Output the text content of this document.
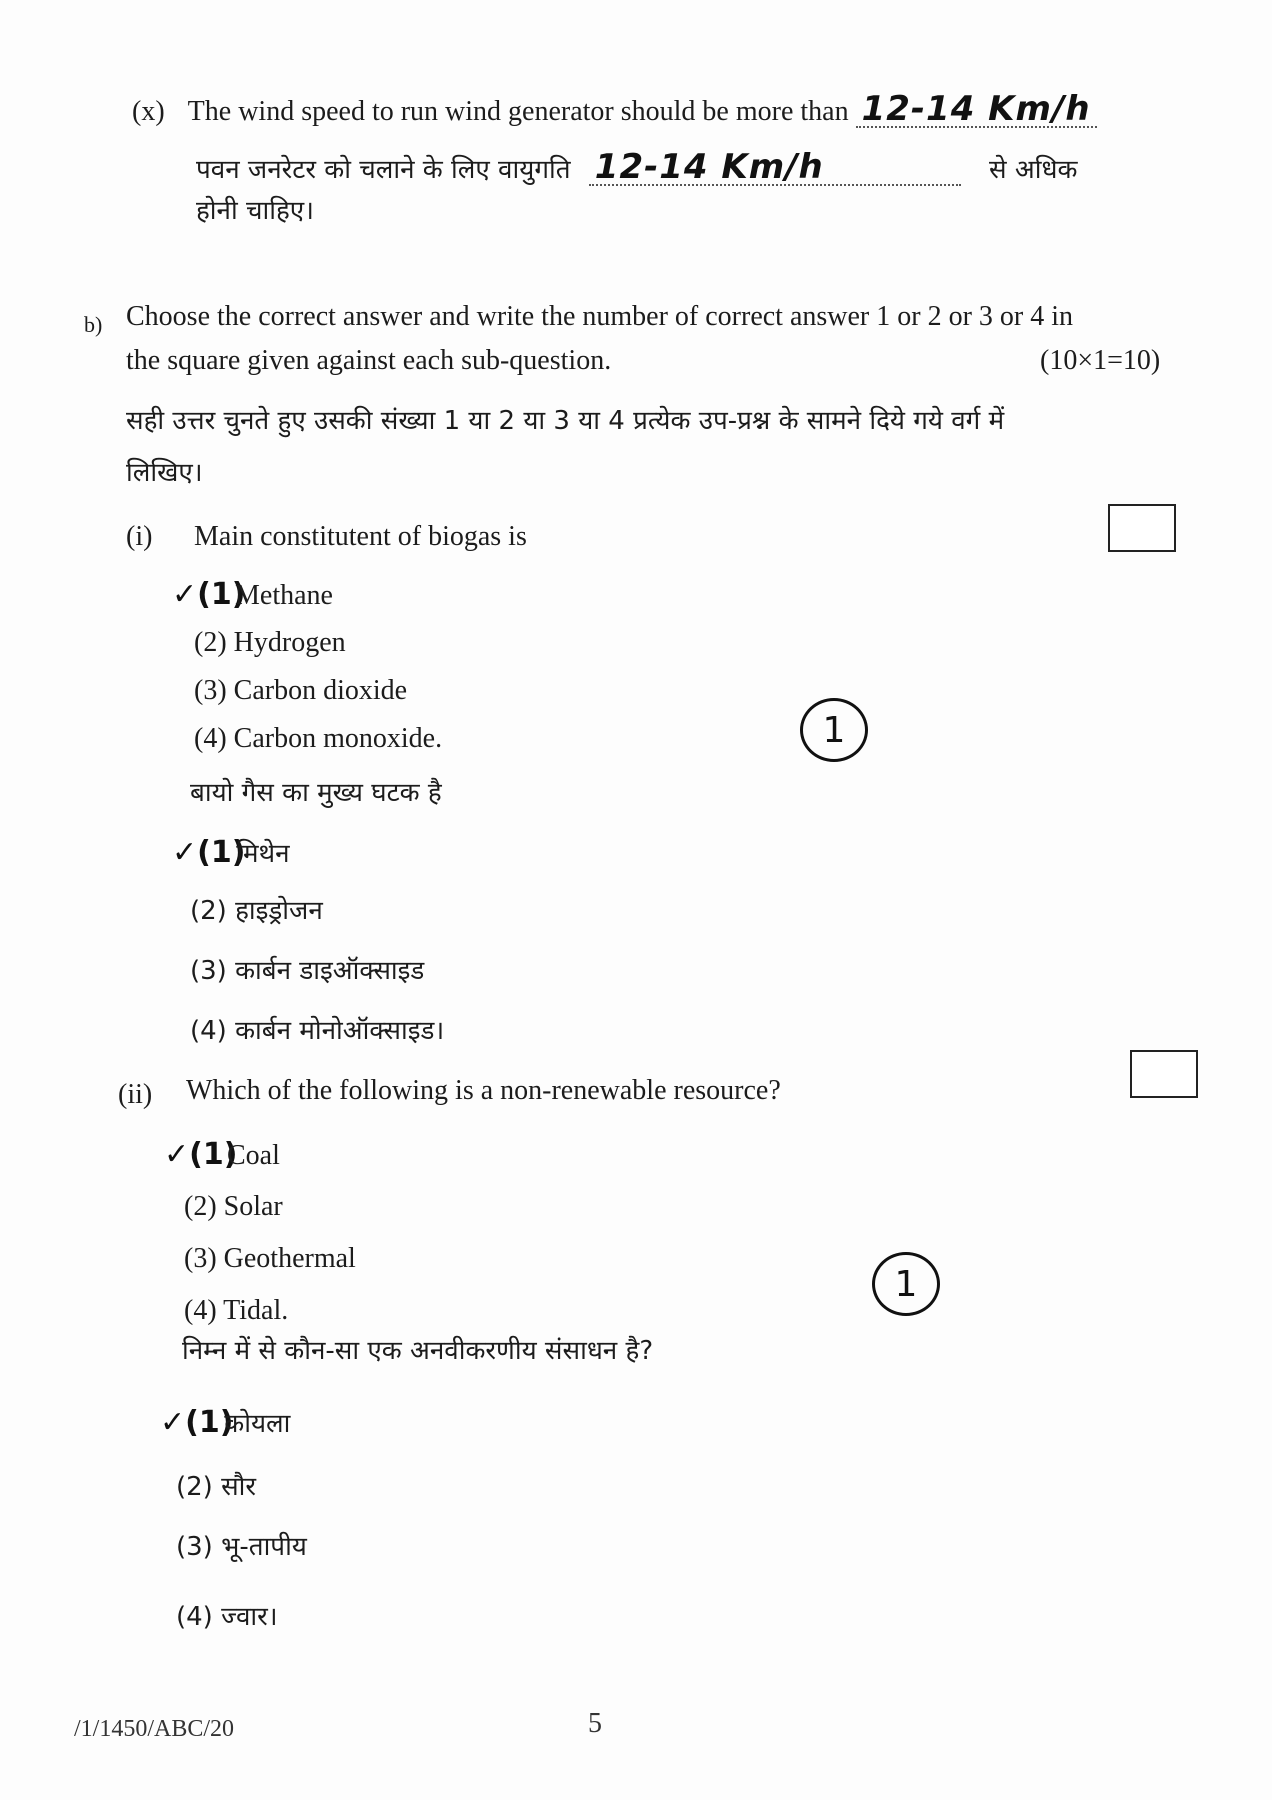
(x) The wind speed to run wind generator should be more than 12-14 Km/h
पवन जनरेटर को चलाने के लिए वायुगति 12-14 Km/h	से अधिक
होनी चाहिए।
b) Choose the correct answer and write the number of correct answer 1 or 2 or 3 or 4 in
the square given against each sub-question.	(10×1=10)
सही उत्तर चुनते हुए उसकी संख्या 1 या 2 या 3 या 4 प्रत्येक उप-प्रश्न के सामने दिये गये वर्ग में
लिखिए।
(i) Main constitutent of biogas is
✓(1) Methane
(2) Hydrogen
(3) Carbon dioxide
(4) Carbon monoxide.	1
बायो गैस का मुख्य घटक है
✓(1) मिथेन
(2) हाइड्रोजन
(3) कार्बन डाइऑक्साइड
(4) कार्बन मोनोऑक्साइड।
(ii) Which of the following is a non-renewable resource?
✓(1) Coal
(2) Solar
(3) Geothermal
(4) Tidal.
1
निम्न में से कौन-सा एक अनवीकरणीय संसाधन है?
✓(1) कोयला
(2) सौर
(3) भू-तापीय
(4) ज्वार।
/1/1450/ABC/20	5
